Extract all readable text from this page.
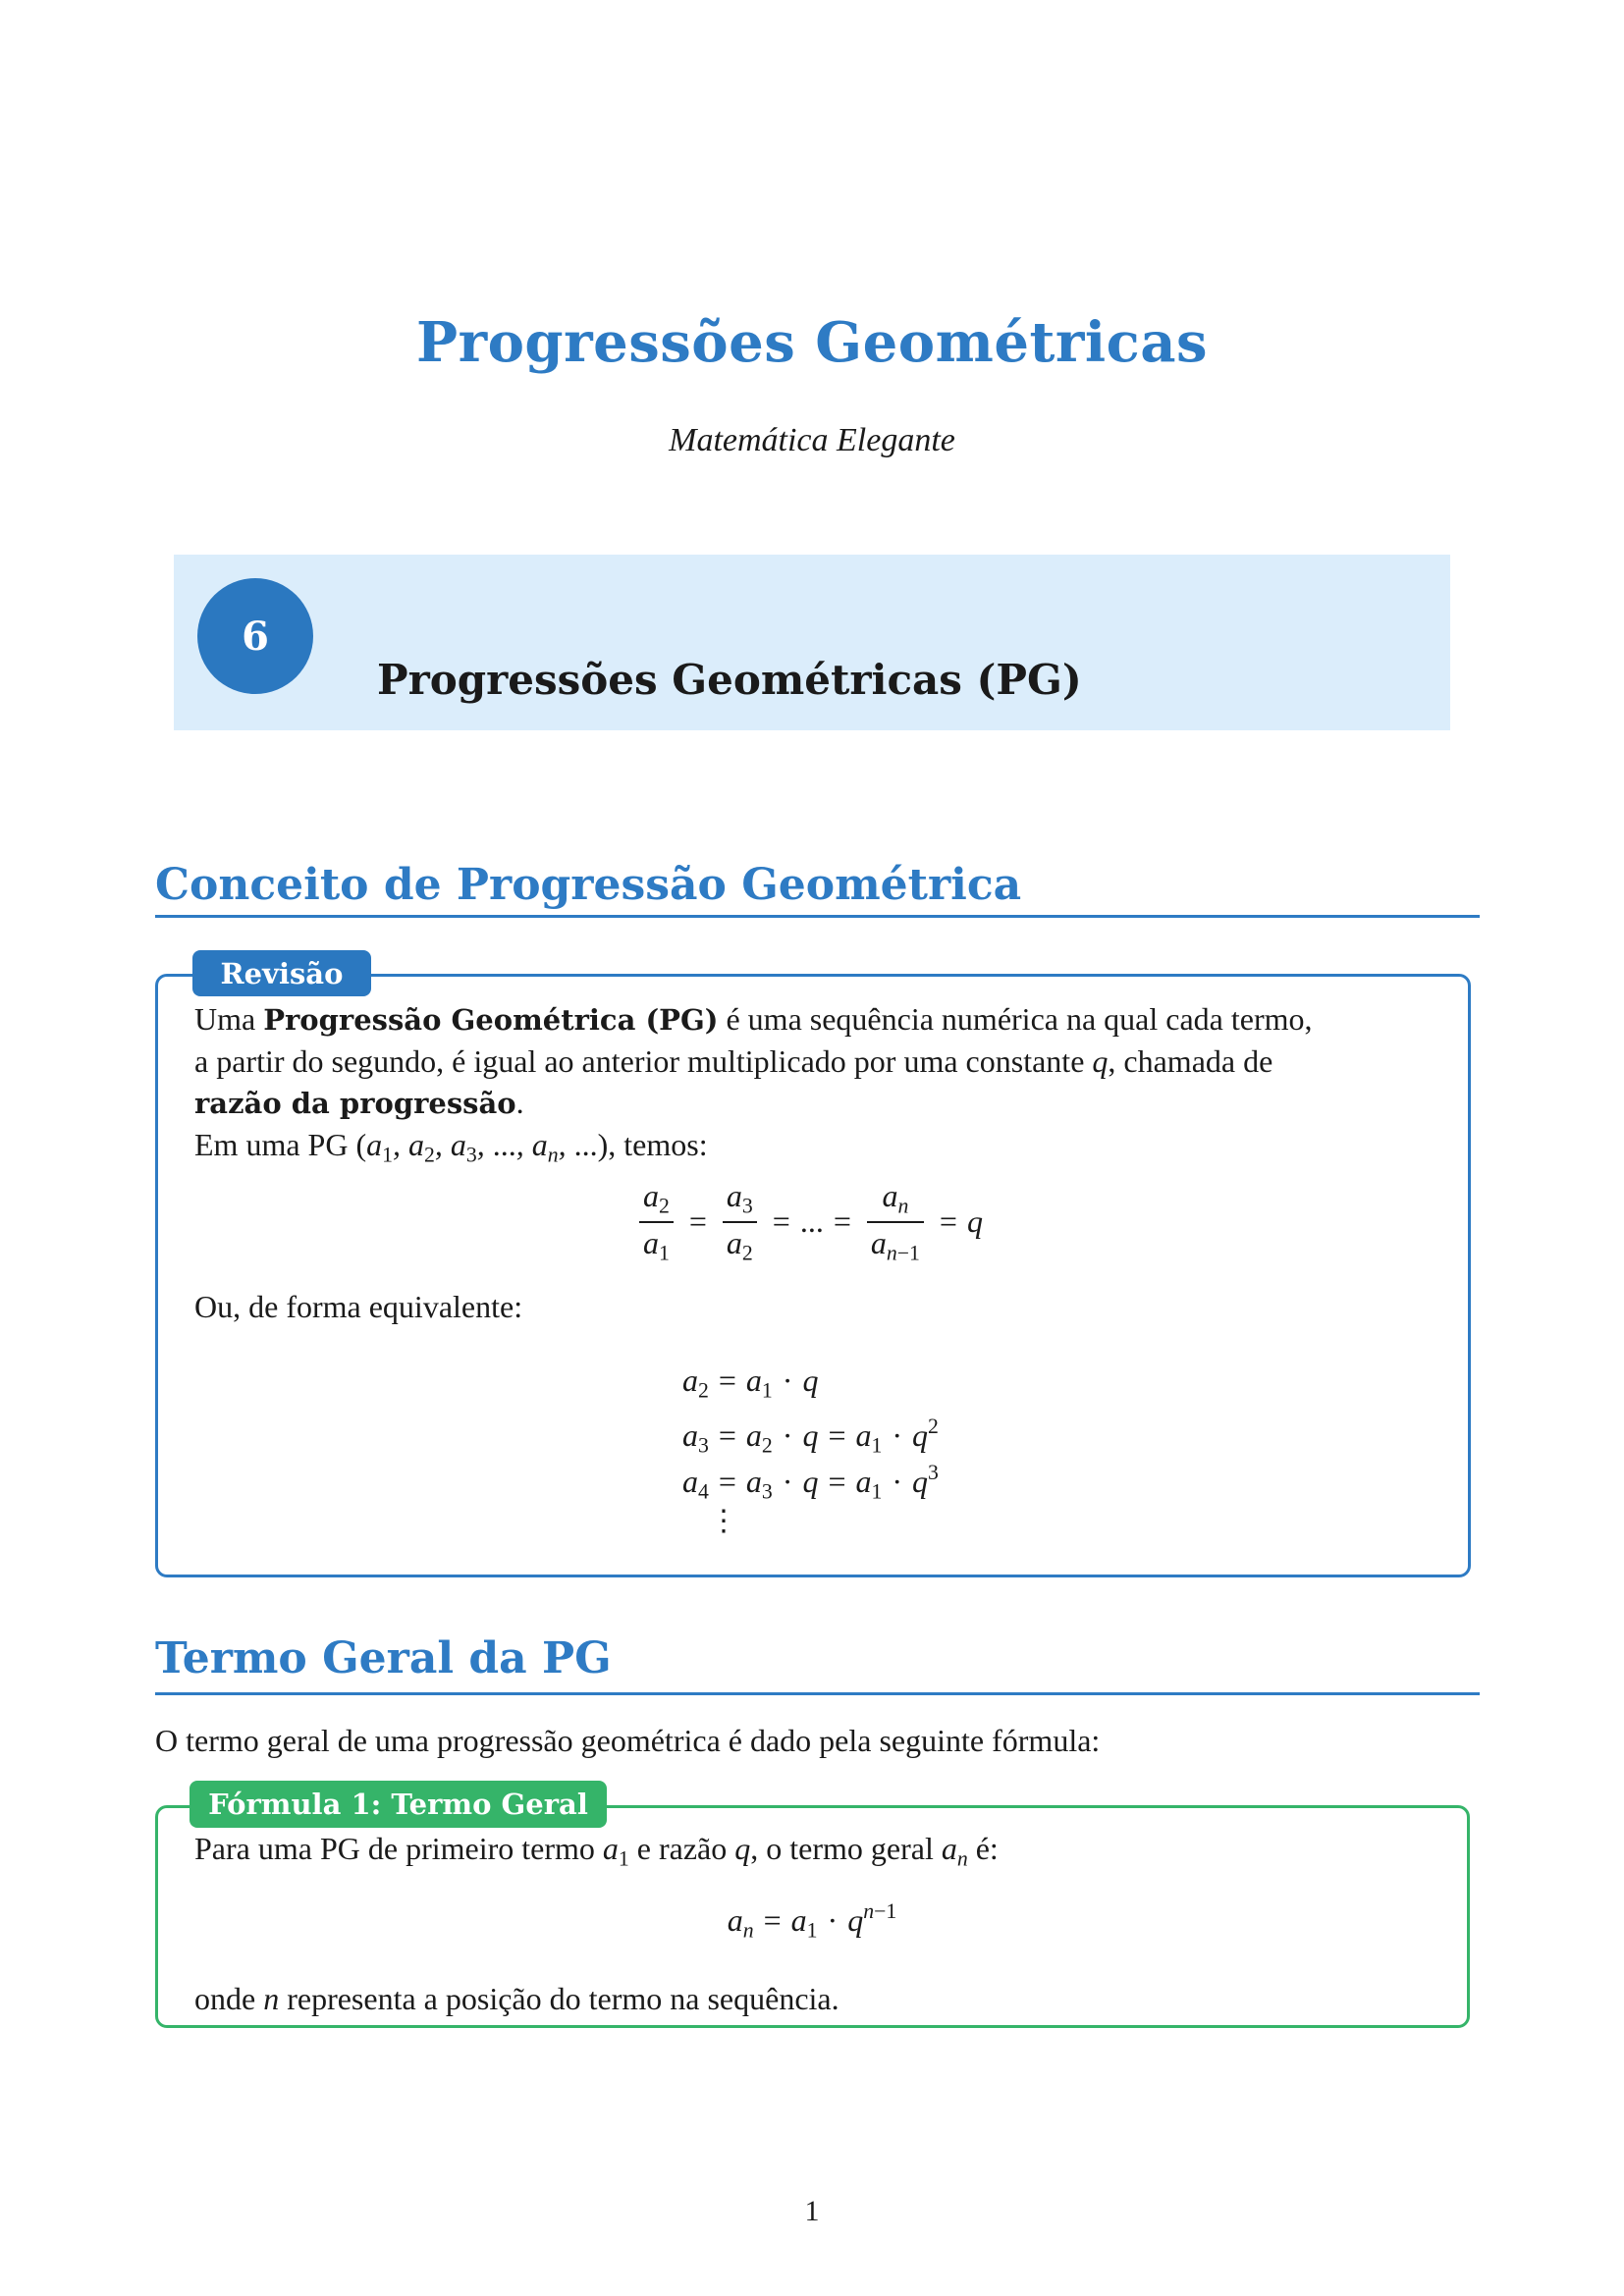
Progressões Geométricas
Matemática Elegante
6
Progressões Geométricas (PG)
Conceito de Progressão Geométrica
Revisão
Uma Progressão Geométrica (PG) é uma sequência numérica na qual cada termo,
a partir do segundo, é igual ao anterior multiplicado por uma constante q, chamada de
razão da progressão.
Em uma PG ($a_1$, $a_2$, $a_3$, ..., $a_n$, ...), temos:
$\frac{a_2}{a_1} = \frac{a_3}{a_2}$ = ... = $\frac{a_n}{a_{n-1}} = q$
Ou, de forma equivalente:
$a_2 = a_1 \cdot q$
$a_3 = a_2 \cdot q = a_1 \cdot q^2$
$a_4 = a_3 \cdot q = a_1 \cdot q^3$
⋮
Termo Geral da PG
O termo geral de uma progressão geométrica é dado pela seguinte fórmula:
Fórmula 1: Termo Geral
Para uma PG de primeiro termo $a_1$ e razão q, o termo geral $a_n$ é:
$a_n = a_1 \cdot q^{n-1}$
onde n representa a posição do termo na sequência.
1
